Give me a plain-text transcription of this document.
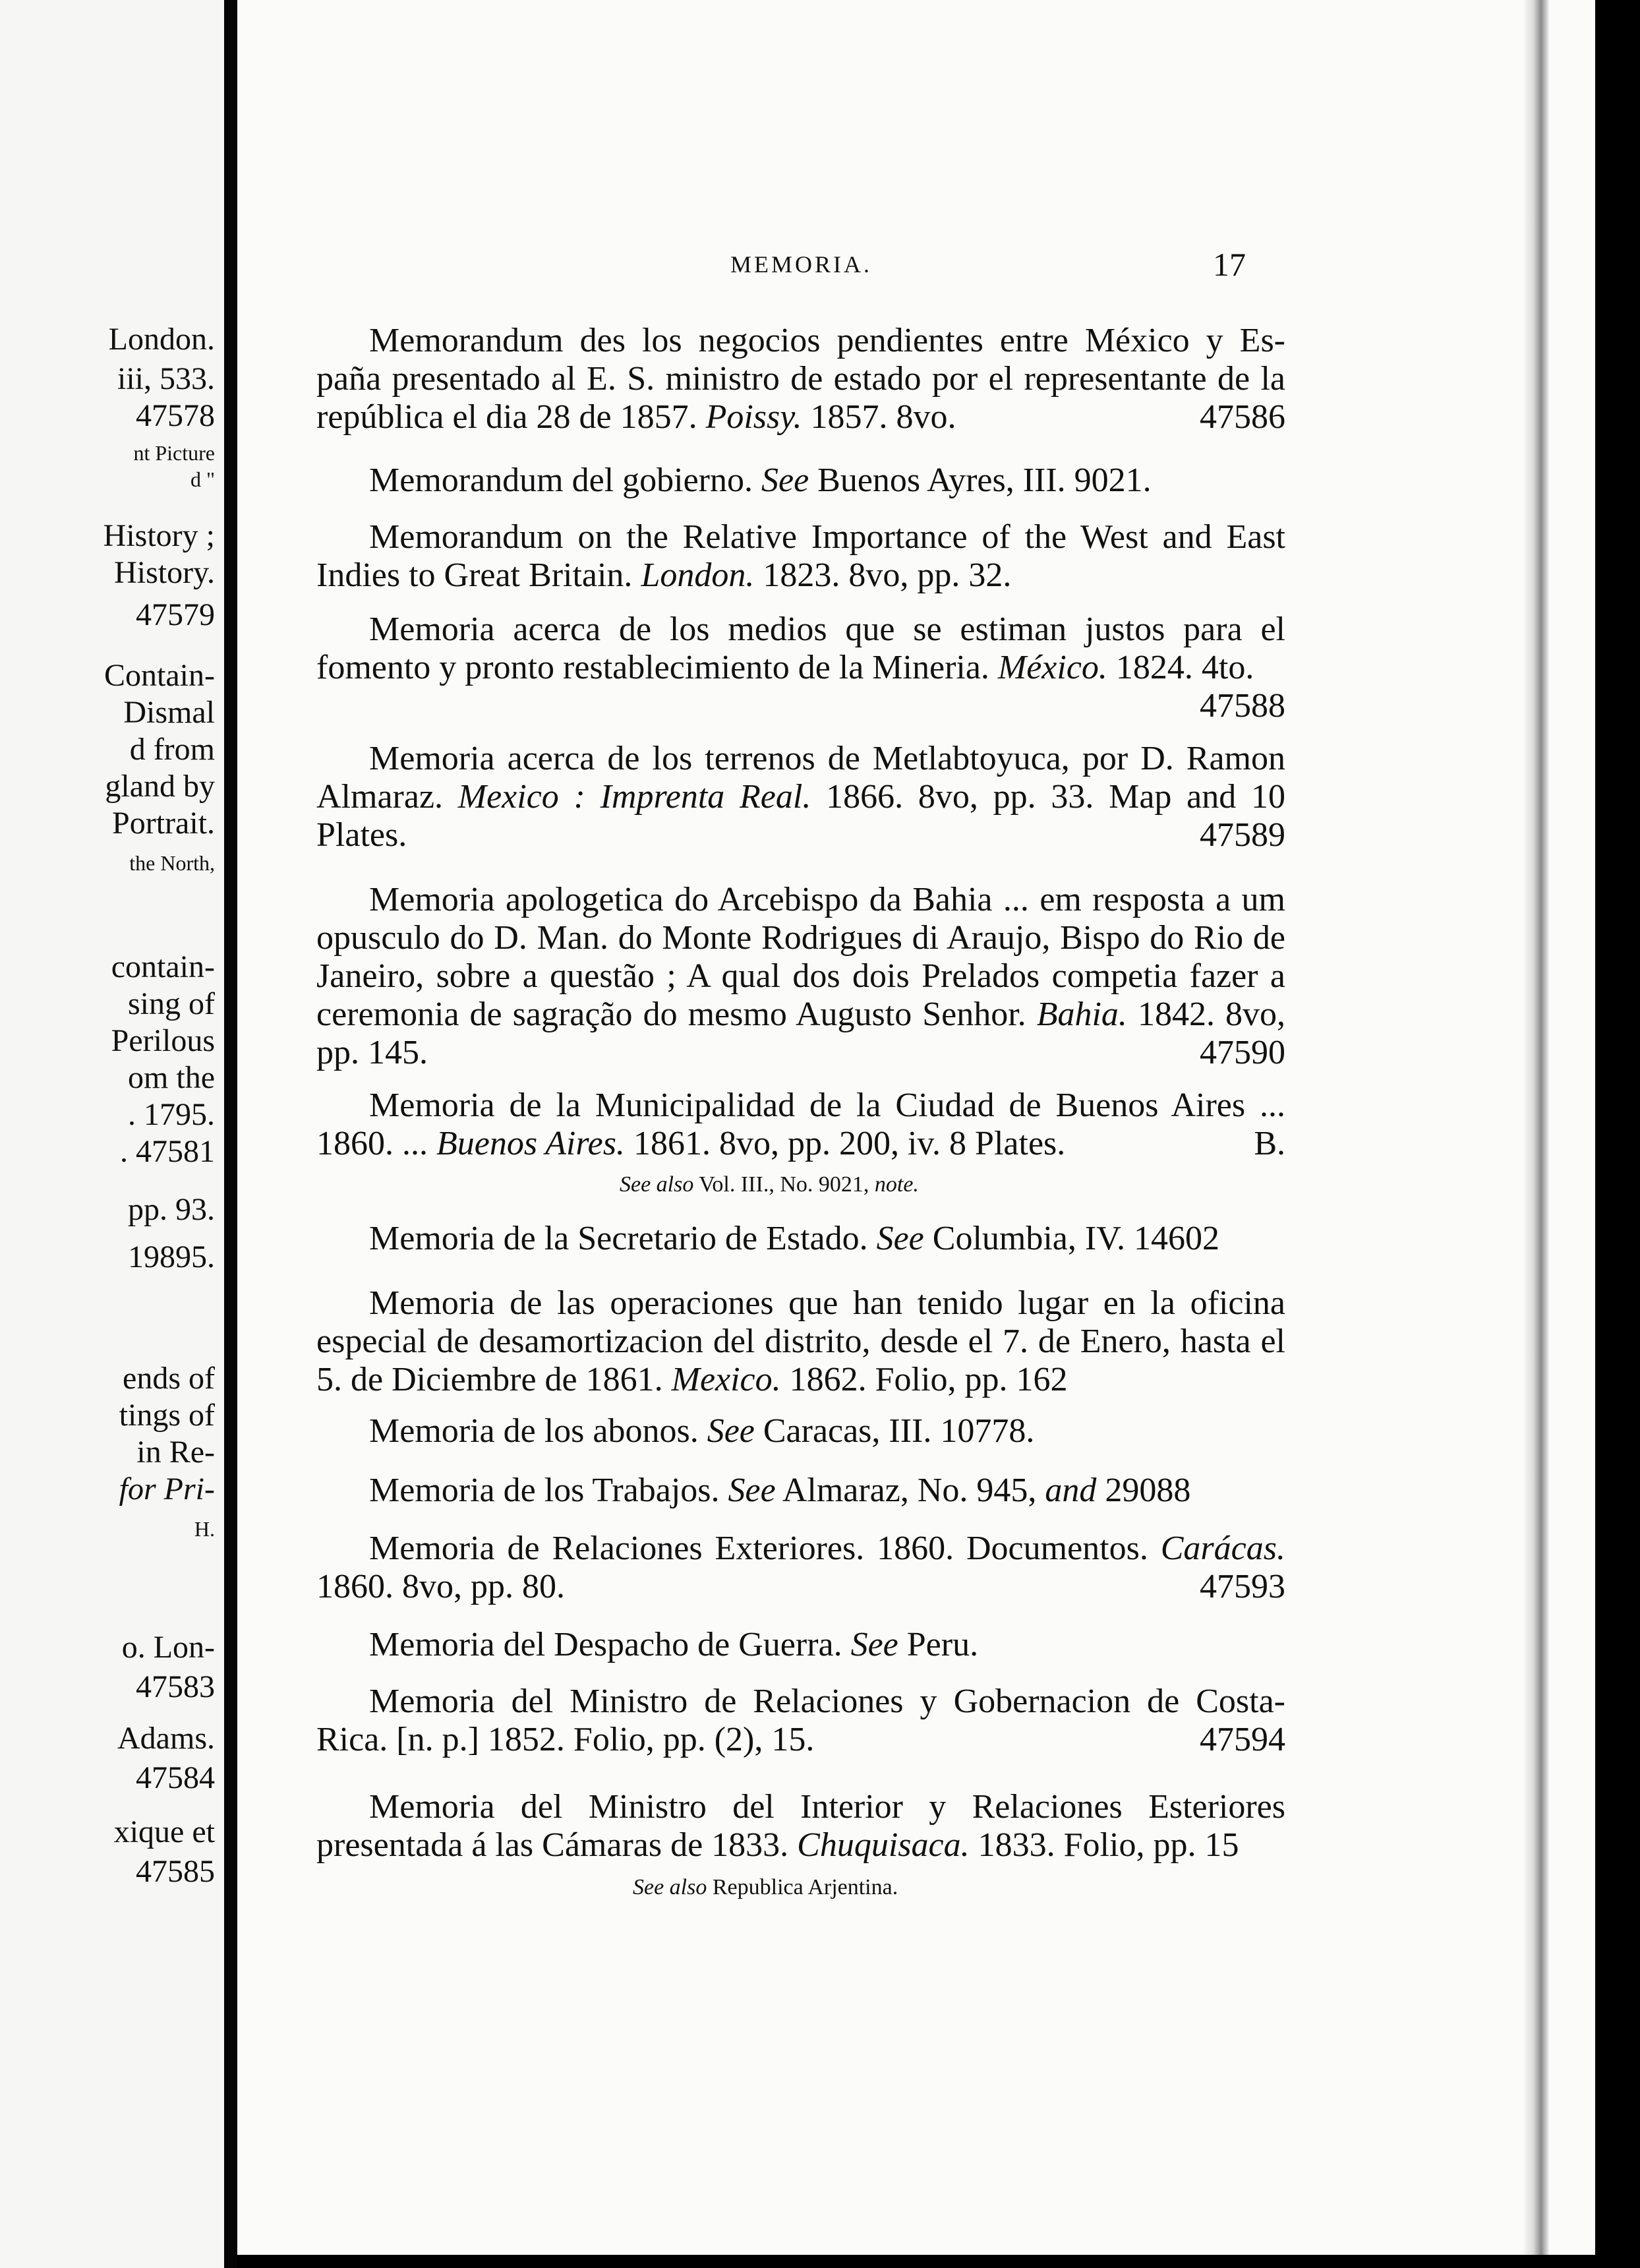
London.
iii, 533.
47578
nt Picture
d "
History ;
History.
47579
Contain-
Dismal
d from
gland by
Portrait.
the North,
contain-
sing of
Perilous
om the
. 1795.
. 47581
pp. 93.
19895.
ends of
tings of
in Re-
for Pri-
H.
o. Lon-
47583
Adams.
47584
xique et
47585
MEMORIA.	17
Memorandum des los negocios pendientes entre México y Es-paña presentado al E. S. ministro de estado por el representante de la república el dia 28 de 1857. Poissy. 1857. 8vo.	47586
Memorandum del gobierno. See Buenos Ayres, III. 9021.
Memorandum on the Relative Importance of the West and East Indies to Great Britain. London. 1823. 8vo, pp. 32.
Memoria acerca de los medios que se estiman justos para el fomento y pronto restablecimiento de la Mineria. México. 1824. 4to.
47588
Memoria acerca de los terrenos de Metlabtoyuca, por D. Ramon Almaraz. Mexico : Imprenta Real. 1866. 8vo, pp. 33. Map and 10 Plates.	47589
Memoria apologetica do Arcebispo da Bahia ... em resposta a um opusculo do D. Man. do Monte Rodrigues di Araujo, Bispo do Rio de Janeiro, sobre a questão ; A qual dos dois Prelados competia fazer a ceremonia de sagração do mesmo Augusto Senhor. Bahia. 1842. 8vo, pp. 145.	47590
Memoria de la Municipalidad de la Ciudad de Buenos Aires ... 1860. ... Buenos Aires. 1861. 8vo, pp. 200, iv. 8 Plates.	B.
Memoria de la Secretario de Estado. See Columbia, IV. 14602
Memoria de las operaciones que han tenido lugar en la oficina especial de desamortizacion del distrito, desde el 7. de Enero, hasta el 5. de Diciembre de 1861. Mexico. 1862. Folio, pp. 162
Memoria de los abonos. See Caracas, III. 10778.
Memoria de los Trabajos. See Almaraz, No. 945, and 29088
Memoria de Relaciones Exteriores. 1860. Documentos. Carácas. 1860. 8vo, pp. 80.	47593
Memoria del Despacho de Guerra. See Peru.
Memoria del Ministro de Relaciones y Gobernacion de Costa-Rica. [n. p.] 1852. Folio, pp. (2), 15.	47594
Memoria del Ministro del Interior y Relaciones Esteriores presentada á las Cámaras de 1833. Chuquisaca. 1833. Folio, pp. 15
See also Vol. III., No. 9021, note.
See also Republica Arjentina.
